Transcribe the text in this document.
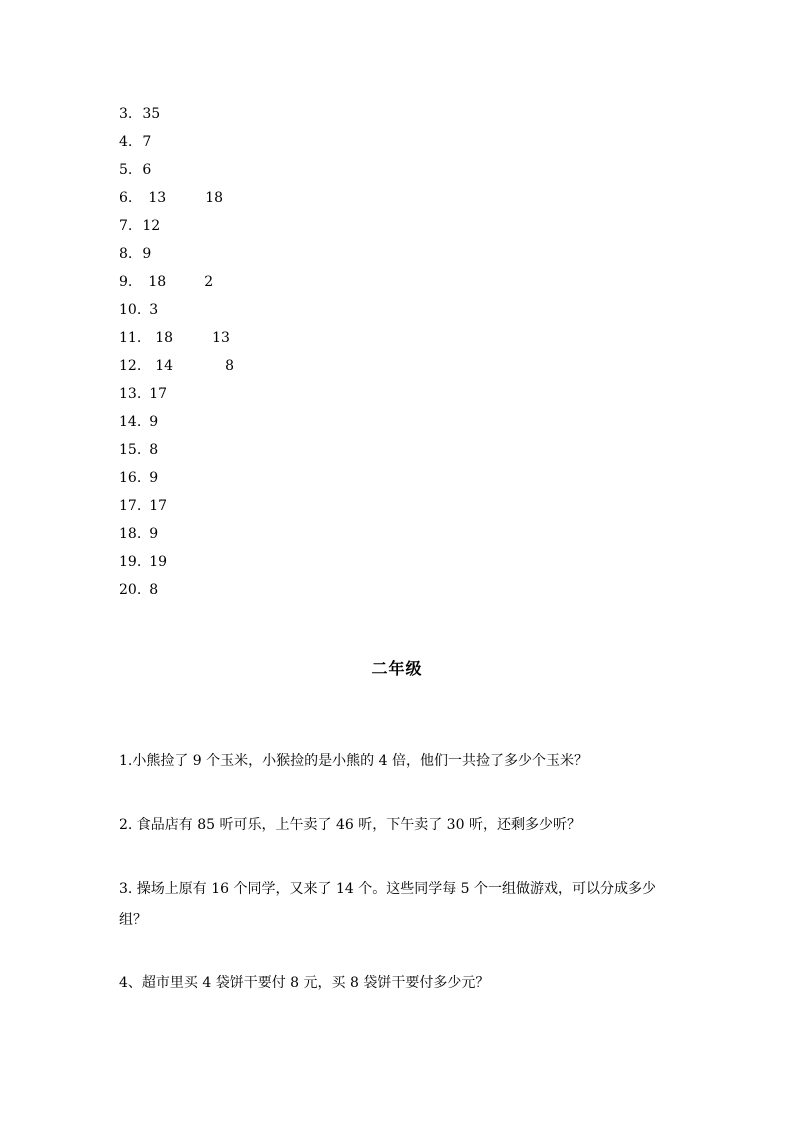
3. 35
4. 7
5. 6
6. 13	18
7. 12
8. 9
9. 18	2
10. 3
11. 18	13
12. 14	8
13. 17
14. 9
15. 8
16. 9
17. 17
18. 9
19. 19
20. 8
二年级

1.小熊捡了 9 个玉米，小猴捡的是小熊的 4 倍，他们一共捡了多少个玉米？

2. 食品店有 85 听可乐，上午卖了 46 听，下午卖了 30 听，还剩多少听？

3. 操场上原有 16 个同学，又来了 14 个。这些同学每 5 个一组做游戏，可以分成多少组？

4、超市里买 4 袋饼干要付 8 元，买 8 袋饼干要付多少元？
